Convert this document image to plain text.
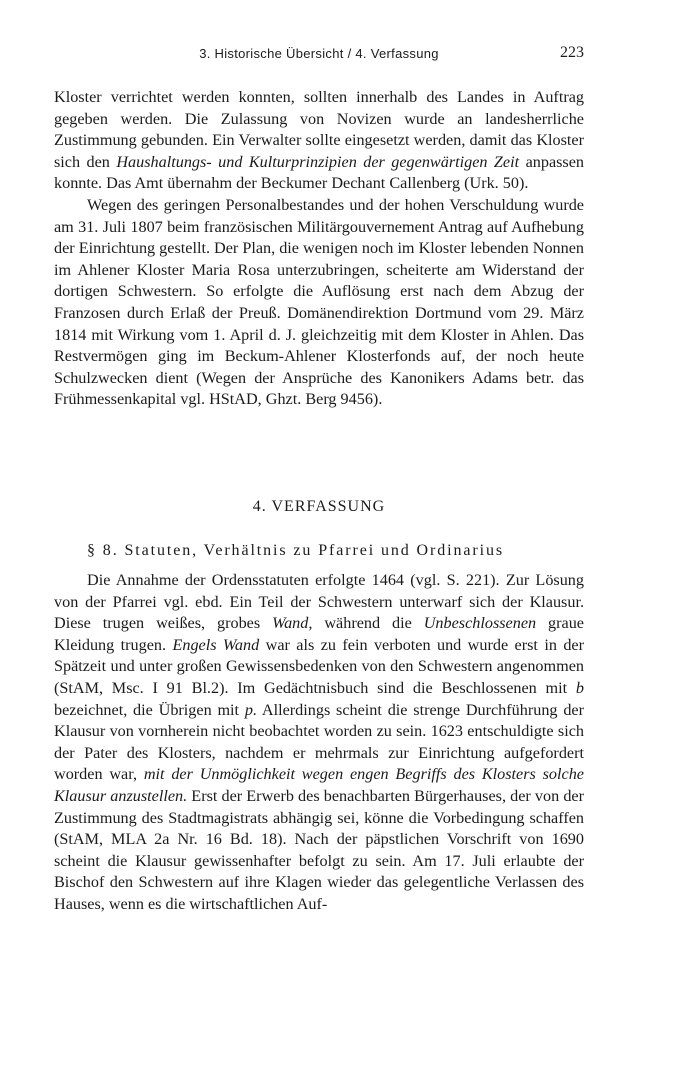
3. Historische Übersicht / 4. Verfassung	223

Kloster verrichtet werden konnten, sollten innerhalb des Landes in Auftrag gegeben werden. Die Zulassung von Novizen wurde an landesherrliche Zustimmung gebunden. Ein Verwalter sollte eingesetzt werden, damit das Kloster sich den Haushaltungs- und Kulturprinzipien der gegenwärtigen Zeit anpassen konnte. Das Amt übernahm der Beckumer Dechant Callenberg (Urk. 50).

Wegen des geringen Personalbestandes und der hohen Verschuldung wurde am 31. Juli 1807 beim französischen Militärgouvernement Antrag auf Aufhebung der Einrichtung gestellt. Der Plan, die wenigen noch im Kloster lebenden Nonnen im Ahlener Kloster Maria Rosa unterzubringen, scheiterte am Widerstand der dortigen Schwestern. So erfolgte die Auflösung erst nach dem Abzug der Franzosen durch Erlaß der Preuß. Domänendirektion Dortmund vom 29. März 1814 mit Wirkung vom 1. April d. J. gleichzeitig mit dem Kloster in Ahlen. Das Restvermögen ging im Beckum-Ahlener Klosterfonds auf, der noch heute Schulzwecken dient (Wegen der Ansprüche des Kanonikers Adams betr. das Frühmessenkapital vgl. HStAD, Ghzt. Berg 9456).

4. VERFASSUNG
§ 8. Statuten, Verhältnis zu Pfarrei und Ordinarius

Die Annahme der Ordensstatuten erfolgte 1464 (vgl. S. 221). Zur Lösung von der Pfarrei vgl. ebd. Ein Teil der Schwestern unterwarf sich der Klausur. Diese trugen weißes, grobes Wand, während die Unbeschlossenen graue Kleidung trugen. Engels Wand war als zu fein verboten und wurde erst in der Spätzeit und unter großen Gewissensbedenken von den Schwestern angenommen (StAM, Msc. I 91 Bl.2). Im Gedächtnisbuch sind die Beschlossenen mit b bezeichnet, die Übrigen mit p. Allerdings scheint die strenge Durchführung der Klausur von vornherein nicht beobachtet worden zu sein. 1623 entschuldigte sich der Pater des Klosters, nachdem er mehrmals zur Einrichtung aufgefordert worden war, mit der Unmöglichkeit wegen engen Begriffs des Klosters solche Klausur anzustellen. Erst der Erwerb des benachbarten Bürgerhauses, der von der Zustimmung des Stadtmagistrats abhängig sei, könne die Vorbedingung schaffen (StAM, MLA 2a Nr. 16 Bd. 18). Nach der päpstlichen Vorschrift von 1690 scheint die Klausur gewissenhafter befolgt zu sein. Am 17. Juli erlaubte der Bischof den Schwestern auf ihre Klagen wieder das gelegentliche Verlassen des Hauses, wenn es die wirtschaftlichen Auf-
